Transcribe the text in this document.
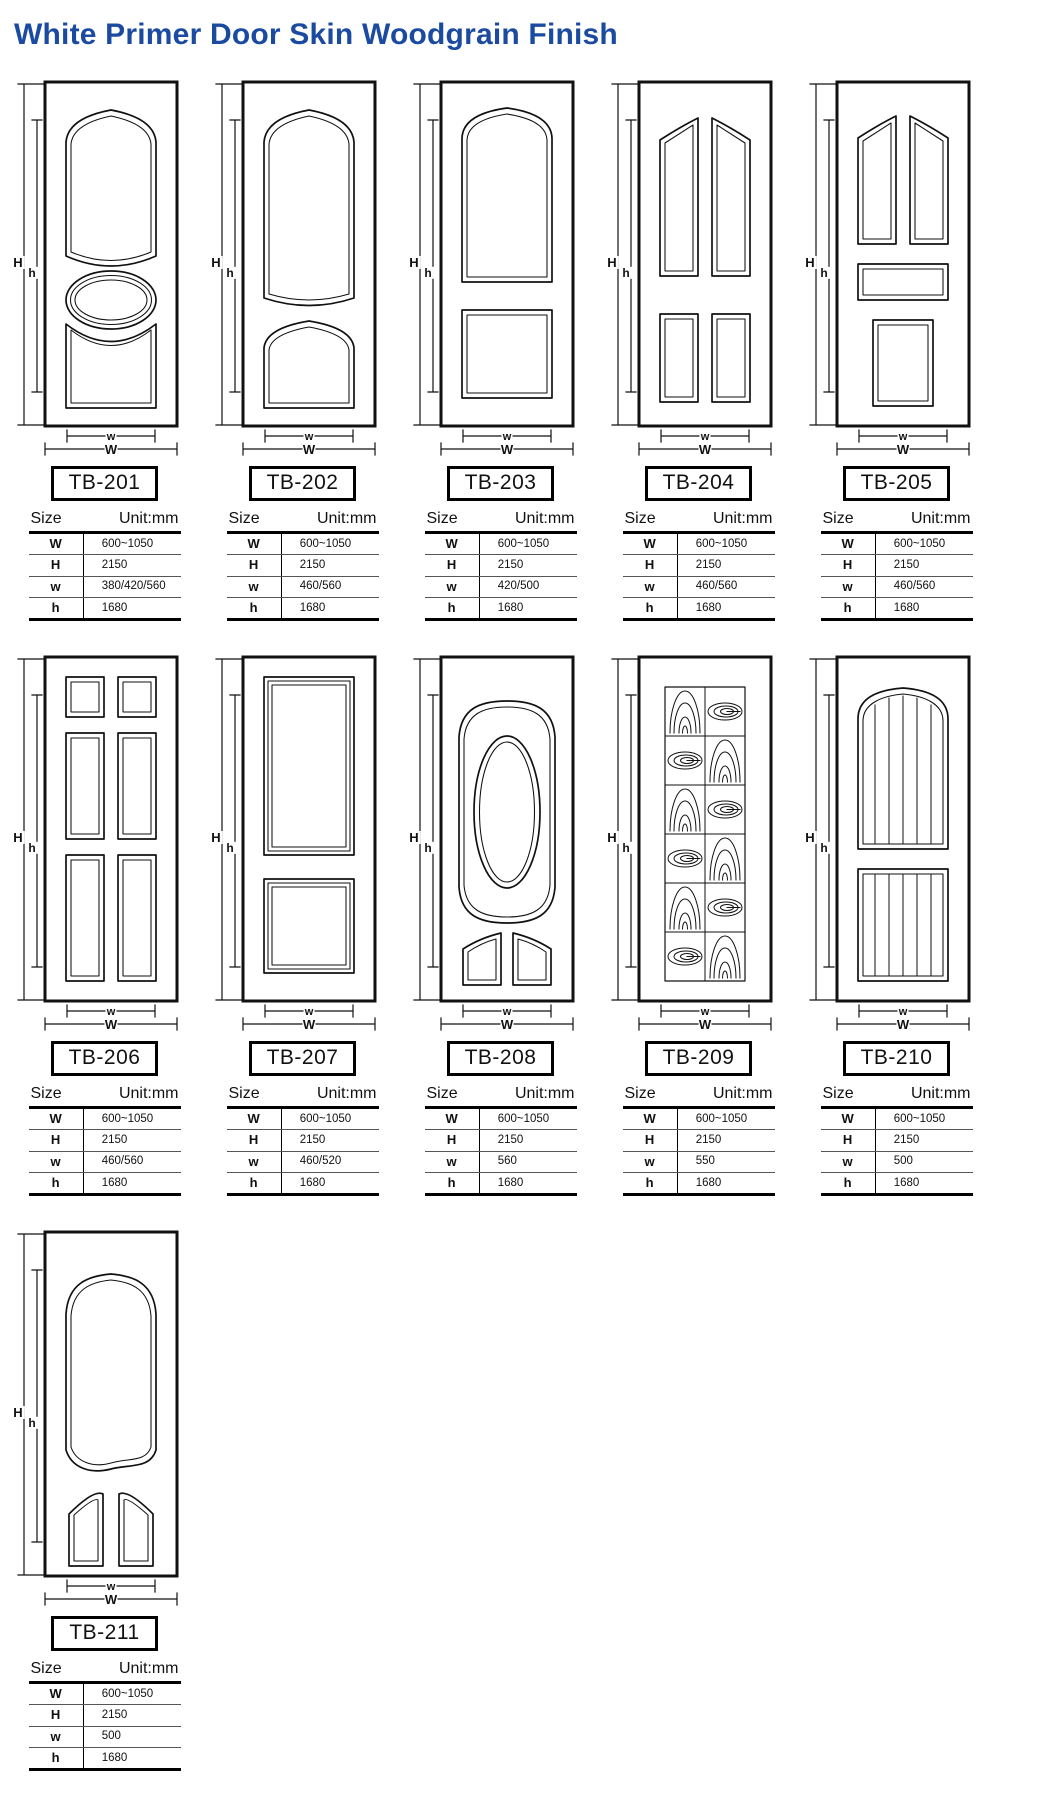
White Primer Door Skin Woodgrain Finish
H
h
w
W
TB-201
Size	Unit:mm
W	600~1050
H	2150
w	380/420/560
h	1680
H
h
w
W
TB-202
Size	Unit:mm
W	600~1050
H	2150
w	460/560
h	1680
H
h
w
W
TB-203
Size	Unit:mm
W	600~1050
H	2150
w	420/500
h	1680
H
h
w
W
TB-204
Size	Unit:mm
W	600~1050
H	2150
w	460/560
h	1680
H
h
w
W
TB-205
Size	Unit:mm
W	600~1050
H	2150
w	460/560
h	1680
H
h
w
W
TB-206
Size	Unit:mm
W	600~1050
H	2150
w	460/560
h	1680
H
h
w
W
TB-207
Size	Unit:mm
W	600~1050
H	2150
w	460/520
h	1680
H
h
w
W
TB-208
Size	Unit:mm
W	600~1050
H	2150
w	560
h	1680
H
h
w
W
TB-209
Size	Unit:mm
W	600~1050
H	2150
w	550
h	1680
H
h
w
W
TB-210
Size	Unit:mm
W	600~1050
H	2150
w	500
h	1680
H
h
w
W
TB-211
Size	Unit:mm
W	600~1050
H	2150
w	500
h	1680
